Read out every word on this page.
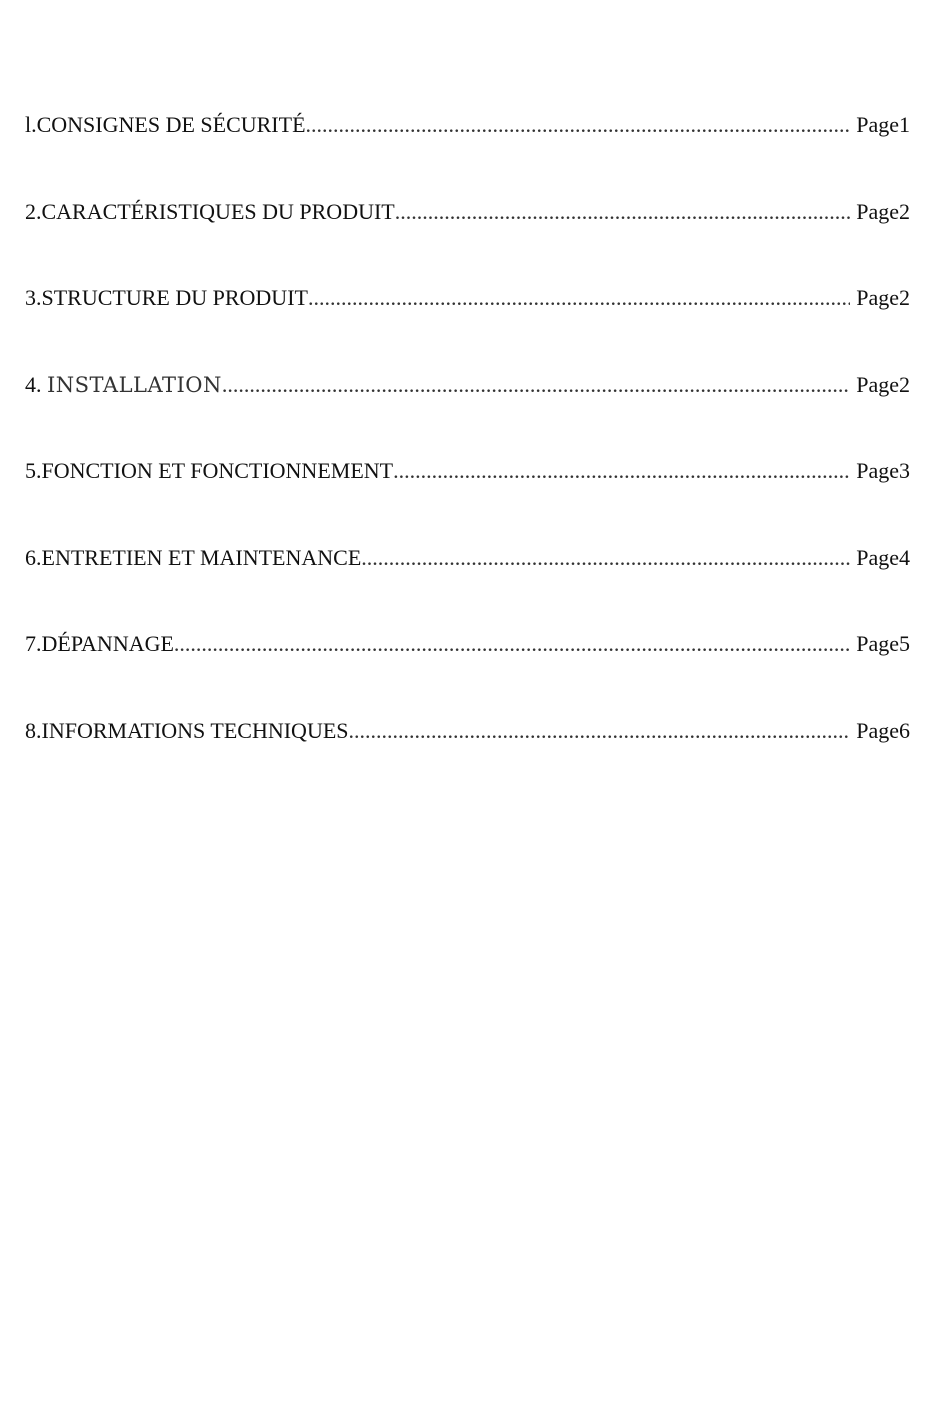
l.CONSIGNES DE SÉCURITÉ .....	Page1
2.CARACTÉRISTIQUES DU PRODUIT .....	Page2
3.STRUCTURE DU PRODUIT .....	Page2
4. INSTALLATION .....	Page2
5.FONCTION ET FONCTIONNEMENT .....	Page3
6.ENTRETIEN ET MAINTENANCE .....	Page4
7.DÉPANNAGE .....	Page5
8.INFORMATIONS TECHNIQUES .....	Page6
